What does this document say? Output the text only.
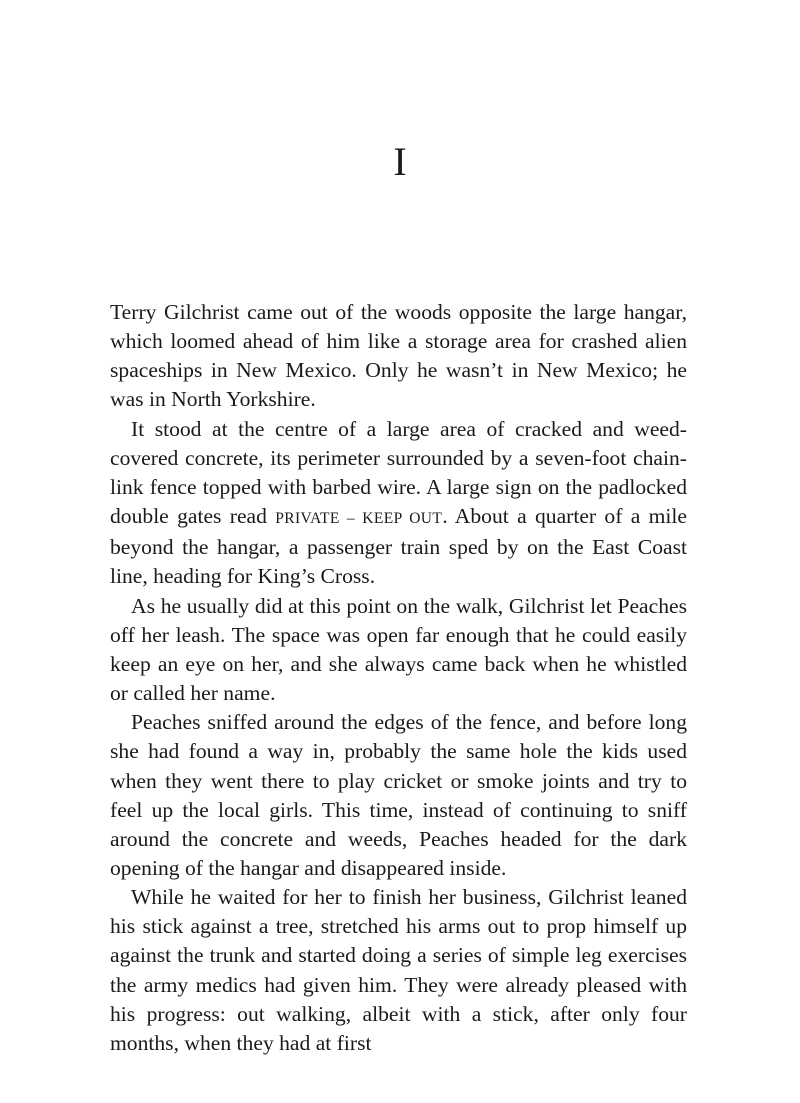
I

Terry Gilchrist came out of the woods opposite the large hangar, which loomed ahead of him like a storage area for crashed alien spaceships in New Mexico. Only he wasn’t in New Mexico; he was in North Yorkshire.

It stood at the centre of a large area of cracked and weed-covered concrete, its perimeter surrounded by a seven-foot chain-link fence topped with barbed wire. A large sign on the padlocked double gates read PRIVATE – KEEP OUT. About a quarter of a mile beyond the hangar, a passenger train sped by on the East Coast line, heading for King’s Cross.

As he usually did at this point on the walk, Gilchrist let Peaches off her leash. The space was open far enough that he could easily keep an eye on her, and she always came back when he whistled or called her name.

Peaches sniffed around the edges of the fence, and before long she had found a way in, probably the same hole the kids used when they went there to play cricket or smoke joints and try to feel up the local girls. This time, instead of continuing to sniff around the concrete and weeds, Peaches headed for the dark opening of the hangar and disappeared inside.

While he waited for her to finish her business, Gilchrist leaned his stick against a tree, stretched his arms out to prop himself up against the trunk and started doing a series of simple leg exercises the army medics had given him. They were already pleased with his progress: out walking, albeit with a stick, after only four months, when they had at first
